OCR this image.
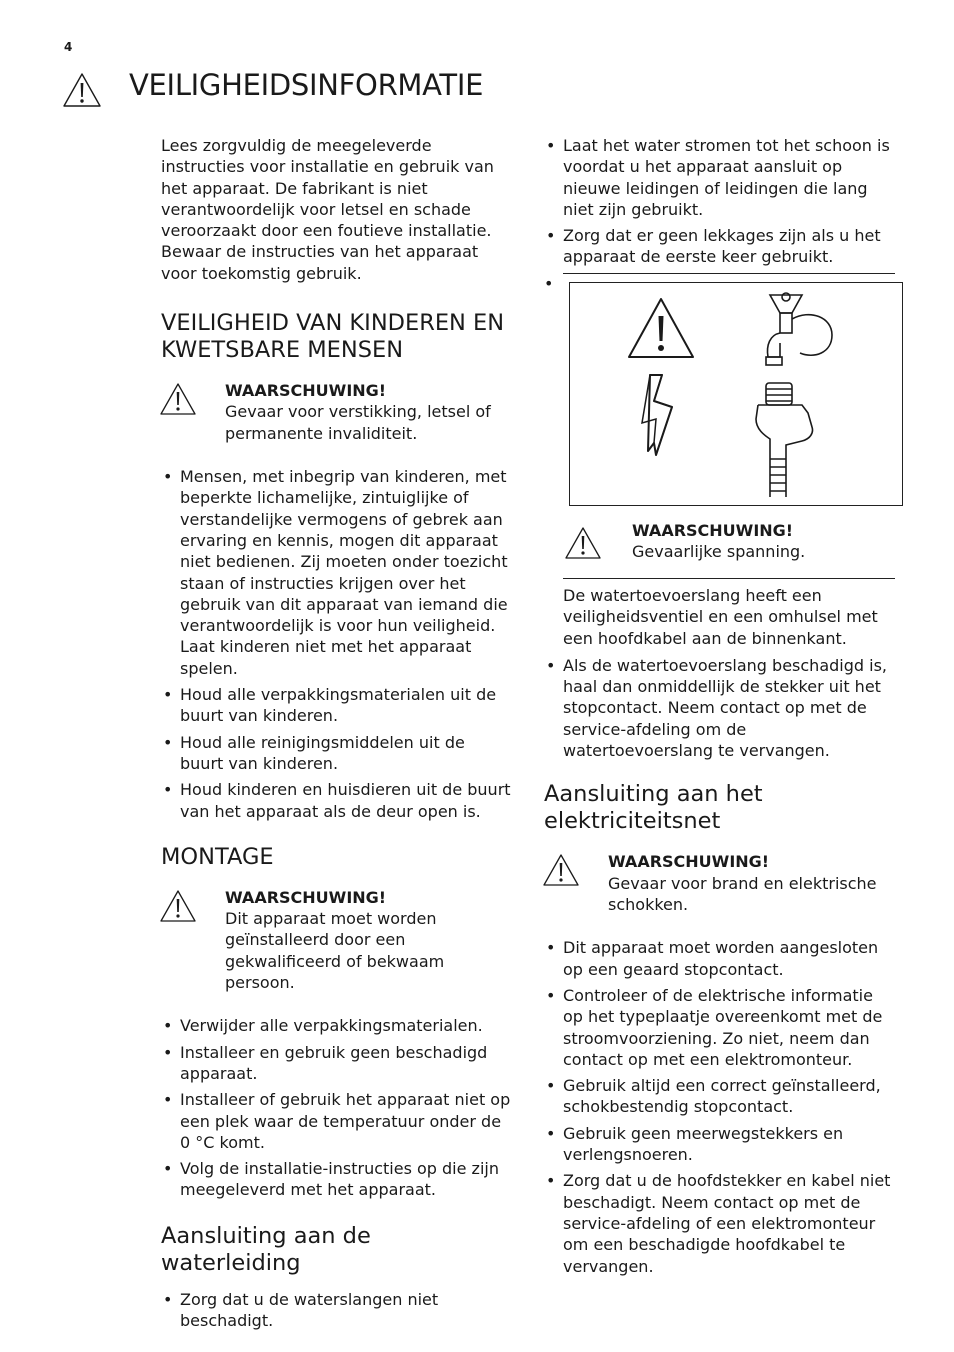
4
VEILIGHEIDSINFORMATIE

Lees zorgvuldig de meegeleverde instructies voor installatie en gebruik van het apparaat. De fabrikant is niet verantwoordelijk voor letsel en schade veroorzaakt door een foutieve installatie. Bewaar de instructies van het apparaat voor toekomstig gebruik.

VEILIGHEID VAN KINDEREN EN KWETSBARE MENSEN
WAARSCHUWING!

Gevaar voor verstikking, letsel of permanente invaliditeit.

• Mensen, met inbegrip van kinderen, met beperkte lichamelijke, zintuiglijke of verstandelijke vermogens of gebrek aan ervaring en kennis, mogen dit apparaat niet bedienen. Zij moeten onder toezicht staan of instructies krijgen over het gebruik van dit apparaat van iemand die verantwoordelijk is voor hun veiligheid. Laat kinderen niet met het apparaat spelen.
• Houd alle verpakkingsmaterialen uit de buurt van kinderen.
• Houd alle reinigingsmiddelen uit de buurt van kinderen.
• Houd kinderen en huisdieren uit de buurt van het apparaat als de deur open is.
MONTAGE
WAARSCHUWING!

Dit apparaat moet worden geïnstalleerd door een gekwalificeerd of bekwaam persoon.

• Verwijder alle verpakkingsmaterialen.
• Installeer en gebruik geen beschadigd apparaat.
• Installeer of gebruik het apparaat niet op een plek waar de temperatuur onder de 0 °C komt.
• Volg de installatie-instructies op die zijn meegeleverd met het apparaat.
Aansluiting aan de waterleiding
• Zorg dat u de waterslangen niet beschadigt.
• Laat het water stromen tot het schoon is voordat u het apparaat aansluit op nieuwe leidingen of leidingen die lang niet zijn gebruikt.
• Zorg dat er geen lekkages zijn als u het apparaat de eerste keer gebruikt.
•
WAARSCHUWING!

Gevaarlijke spanning.

De watertoevoerslang heeft een veiligheidsventiel en een omhulsel met een hoofdkabel aan de binnenkant.

• Als de watertoevoerslang beschadigd is, haal dan onmiddellijk de stekker uit het stopcontact. Neem contact op met de service-afdeling om de watertoevoerslang te vervangen.
Aansluiting aan het elektriciteitsnet
WAARSCHUWING!

Gevaar voor brand en elektrische schokken.

• Dit apparaat moet worden aangesloten op een geaard stopcontact.
• Controleer of de elektrische informatie op het typeplaatje overeenkomt met de stroomvoorziening. Zo niet, neem dan contact op met een elektromonteur.
• Gebruik altijd een correct geïnstalleerd, schokbestendig stopcontact.
• Gebruik geen meerwegstekkers en verlengsnoeren.
• Zorg dat u de hoofdstekker en kabel niet beschadigt. Neem contact op met de service-afdeling of een elektromonteur om een beschadigde hoofdkabel te vervangen.
